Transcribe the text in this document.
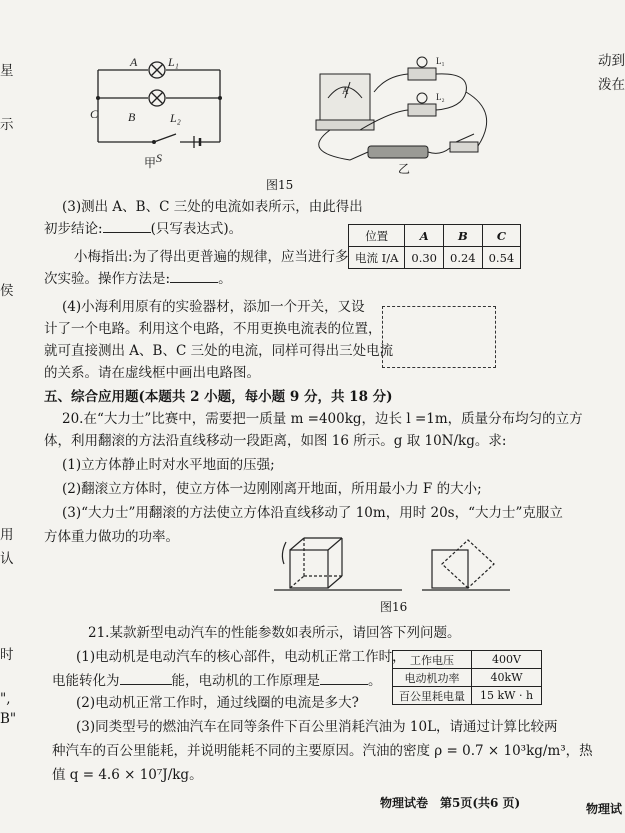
星
示
侯
用
认
时
",
B"
动到
泼在
A	L₁
C B	L₂
S
甲
A
L₁
L₂
乙
图15
(3)测出 A、B、C 三处的电流如表所示，由此得出
初步结论:	(只写表达式)。
小梅指出:为了得出更普遍的规律，应当进行多
次实验。操作方法是:	。
位置	A	B	C
电流 I/A	0.30	0.24	0.54
(4)小海利用原有的实验器材，添加一个开关，又设
计了一个电路。利用这个电路，不用更换电流表的位置，
就可直接测出 A、B、C 三处的电流，同样可得出三处电流
的关系。请在虚线框中画出电路图。
五、综合应用题(本题共 2 小题，每小题 9 分，共 18 分)
20.在“大力士”比赛中，需要把一质量 m =400kg，边长 l =1m，质量分布均匀的立方
体，利用翻滚的方法沿直线移动一段距离，如图 16 所示。g 取 10N/kg。求:
(1)立方体静止时对水平地面的压强;
(2)翻滚立方体时，使立方体一边刚刚离开地面，所用最小力 F 的大小;
(3)“大力士”用翻滚的方法使立方体沿直线移动了 10m，用时 20s，“大力士”克服立
方体重力做功的功率。
图16
21.某款新型电动汽车的性能参数如表所示，请回答下列问题。
(1)电动机是电动汽车的核心部件，电动机正常工作时，
电能转化为	能，电动机的工作原理是	。
(2)电动机正常工作时，通过线圈的电流是多大?
(3)同类型号的燃油汽车在同等条件下百公里消耗汽油为 10L，请通过计算比较两
种汽车的百公里能耗，并说明能耗不同的主要原因。汽油的密度 ρ = 0.7 × 10³kg/m³，热
值 q = 4.6 × 10⁷J/kg。
工作电压	400V
电动机功率	40kW
百公里耗电量	15 kW · h
物理试卷　第5页(共6 页)	物理试
